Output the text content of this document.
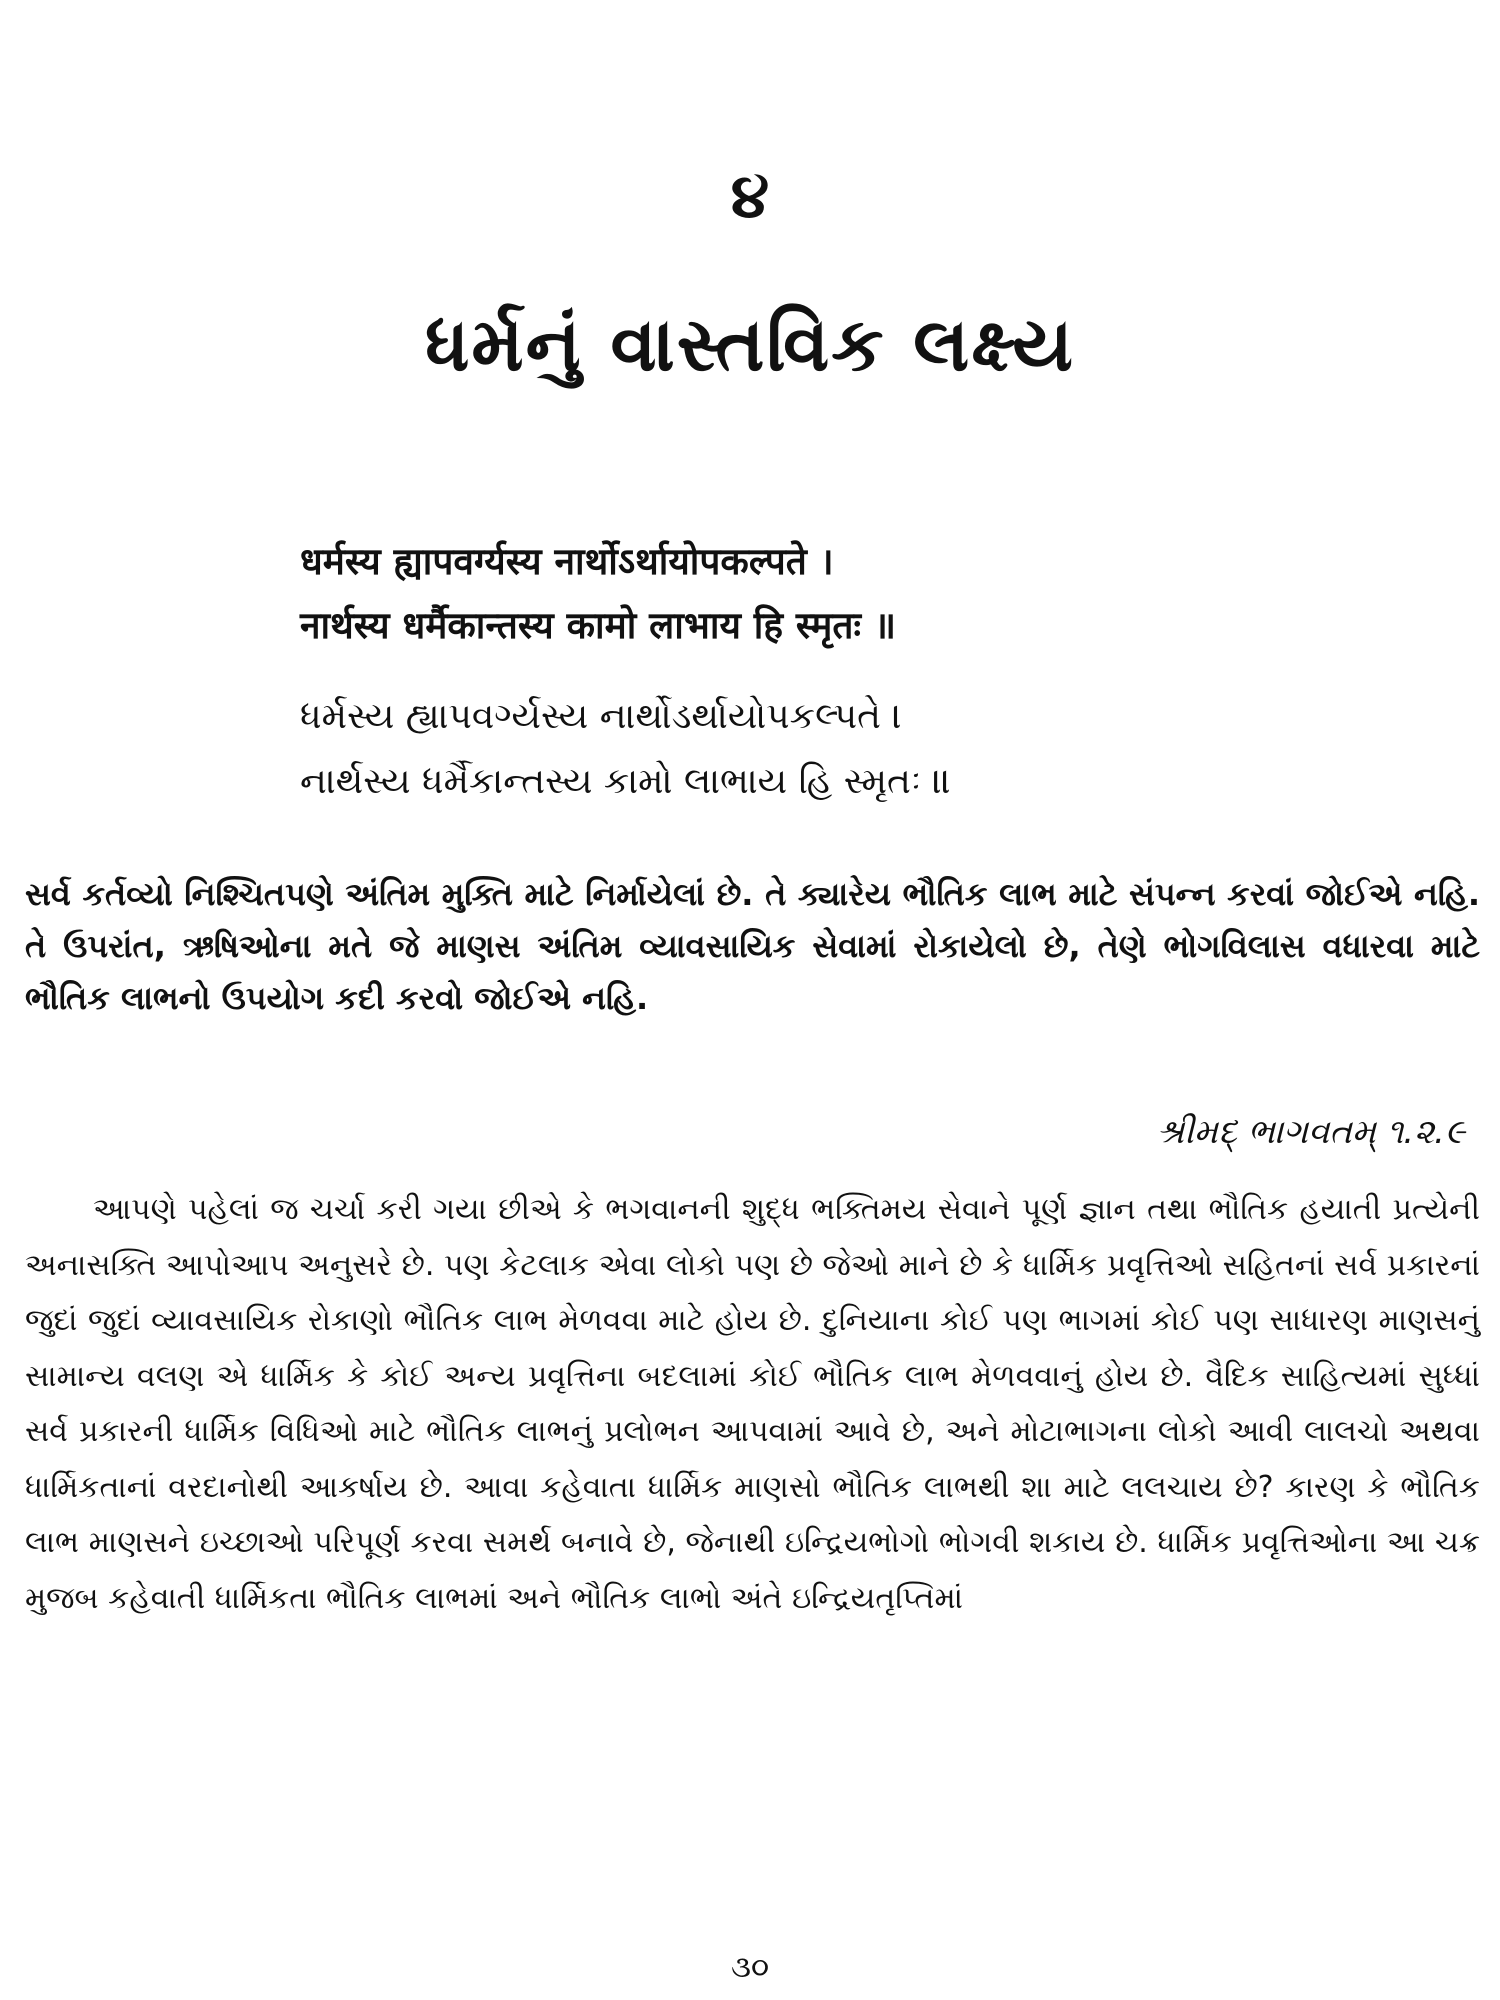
૪
ધર્મનું વાસ્તવિક લક્ષ્ય
धर्मस्य ह्यापवर्ग्यस्य नार्थोऽर्थायोपकल्पते ।
नार्थस्य धर्मैकान्तस्य कामो लाभाय हि स्मृतः ॥
ધર્મસ્ય હ્યાપવર્ગ્યસ્ય નાર્થોડર્થાયોપકલ્પતે ।
નાર્થસ્ય ધર્મૈકાન્તસ્ય કામો લાભાય હિ સ્મૃતઃ ॥

સર્વ કર્તવ્યો નિશ્ચિતપણે અંતિમ મુક્તિ માટે નિર્માયેલાં છે. તે ક્યારેય ભૌતિક લાભ માટે સંપન્ન કરવાં જોઈએ નહિ. તે ઉપરાંત, ઋષિઓના મતે જે માણસ અંતિમ વ્યાવસાયિક સેવામાં રોકાયેલો છે, તેણે ભોગવિલાસ વધારવા માટે ભૌતિક લાભનો ઉપયોગ કદી કરવો જોઈએ નહિ.

શ્રીમદ્ ભાગવતમ્ ૧.૨.૯

આપણે પહેલાં જ ચર્ચા કરી ગયા છીએ કે ભગવાનની શુદ્ધ ભક્તિમય સેવાને પૂર્ણ જ્ઞાન તથા ભૌતિક હયાતી પ્રત્યેની અનાસક્તિ આપોઆપ અનુસરે છે. પણ કેટલાક એવા લોકો પણ છે જેઓ માને છે કે ધાર્મિક પ્રવૃત્તિઓ સહિતનાં સર્વ પ્રકારનાં જુદાં જુદાં વ્યાવસાયિક રોકાણો ભૌતિક લાભ મેળવવા માટે હોય છે. દુનિયાના કોઈ પણ ભાગમાં કોઈ પણ સાધારણ માણસનું સામાન્ય વલણ એ ધાર્મિક કે કોઈ અન્ય પ્રવૃત્તિના બદલામાં કોઈ ભૌતિક લાભ મેળવવાનું હોય છે. વૈદિક સાહિત્યમાં સુધ્ધાં સર્વ પ્રકારની ધાર્મિક વિધિઓ માટે ભૌતિક લાભનું પ્રલોભન આપવામાં આવે છે, અને મોટાભાગના લોકો આવી લાલચો અથવા ધાર્મિકતાનાં વરદાનોથી આકર્ષાય છે. આવા કહેવાતા ધાર્મિક માણસો ભૌતિક લાભથી શા માટે લલચાય છે? કારણ કે ભૌતિક લાભ માણસને ઇચ્છાઓ પરિપૂર્ણ કરવા સમર્થ બનાવે છે, જેનાથી ઇન્દ્રિયભોગો ભોગવી શકાય છે. ધાર્મિક પ્રવૃત્તિઓના આ ચક્ર મુજબ કહેવાતી ધાર્મિકતા ભૌતિક લાભમાં અને ભૌતિક લાભો અંતે ઇન્દ્રિયતૃપ્તિમાં

૩૦
